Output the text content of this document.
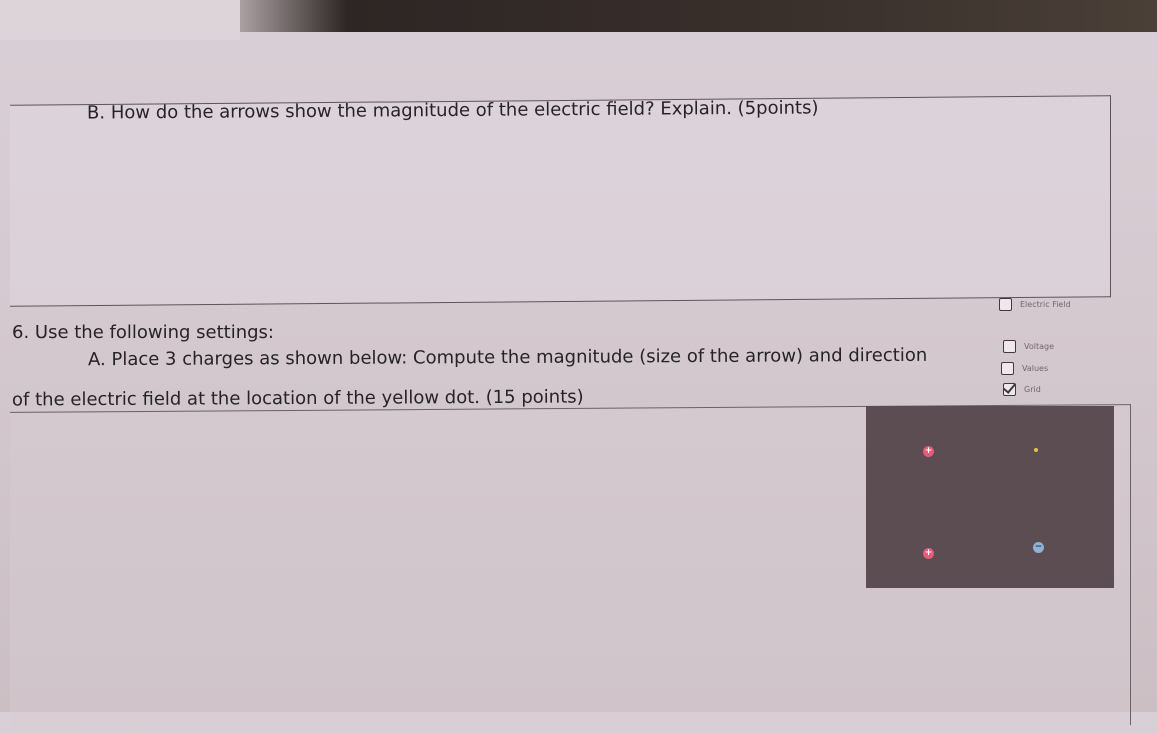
B. How do the arrows show the magnitude of the electric field? Explain. (5points)
6. Use the following settings:
A. Place 3 charges as shown below: Compute the magnitude (size of the arrow) and direction
of the electric field at the location of the yellow dot. (15 points)
Electric Field
Voltage
Values
Grid
+
+
−
